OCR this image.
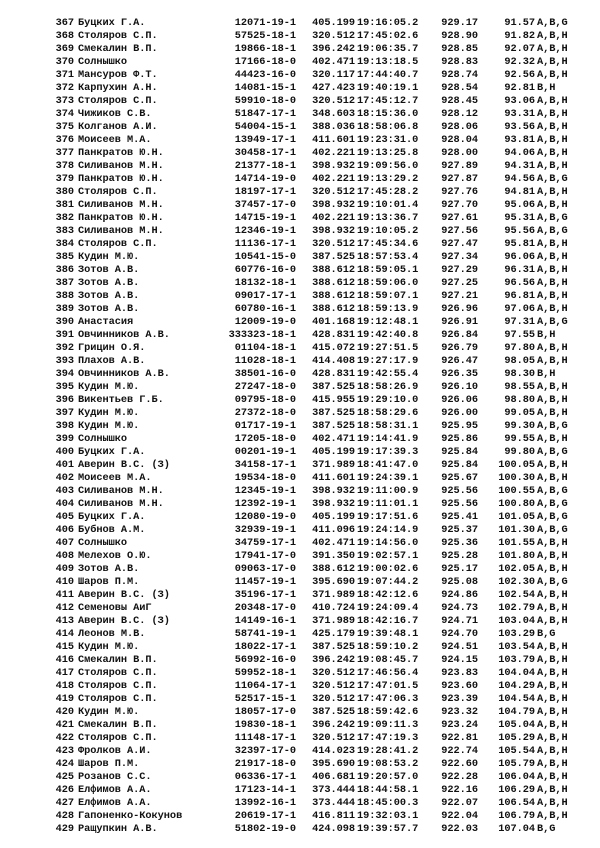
367 Буцких Г.А.	12071-19-1	405.199 19:16:05.2	929.17	91.57 A,B,G
368 Столяров С.П.	57525-18-1	320.512 17:45:02.6	928.90	91.82 A,B,H
369 Смекалин В.П.	19866-18-1	396.242 19:06:35.7	928.85	92.07 A,B,H
370 Солнышко	17166-18-0	402.471 19:13:18.5	928.83	92.32 A,B,H
371 Мансуров Ф.Т.	44423-16-0	320.117 17:44:40.7	928.74	92.56 A,B,H
372 Карпухин А.Н.	14081-15-1	427.423 19:40:19.1	928.54	92.81 B,H
373 Столяров С.П.	59910-18-0	320.512 17:45:12.7	928.45	93.06 A,B,H
374 Чижиков С.В.	51847-17-1	348.603 18:15:36.0	928.12	93.31 A,B,H
375 Колганов А.И.	54004-15-1	388.036 18:58:06.8	928.06	93.56 A,B,H
376 Моисеев М.А.	13949-17-1	411.601 19:23:31.0	928.04	93.81 A,B,H
377 Панкратов Ю.Н.	30458-17-1	402.221 19:13:25.8	928.00	94.06 A,B,H
378 Силиванов М.Н.	21377-18-1	398.932 19:09:56.0	927.89	94.31 A,B,H
379 Панкратов Ю.Н.	14714-19-0	402.221 19:13:29.2	927.87	94.56 A,B,G
380 Столяров С.П.	18197-17-1	320.512 17:45:28.2	927.76	94.81 A,B,H
381 Силиванов М.Н.	37457-17-0	398.932 19:10:01.4	927.70	95.06 A,B,H
382 Панкратов Ю.Н.	14715-19-1	402.221 19:13:36.7	927.61	95.31 A,B,G
383 Силиванов М.Н.	12346-19-1	398.932 19:10:05.2	927.56	95.56 A,B,G
384 Столяров С.П.	11136-17-1	320.512 17:45:34.6	927.47	95.81 A,B,H
385 Кудин М.Ю.	10541-15-0	387.525 18:57:53.4	927.34	96.06 A,B,H
386 Зотов А.В.	60776-16-0	388.612 18:59:05.1	927.29	96.31 A,B,H
387 Зотов А.В.	18132-18-1	388.612 18:59:06.0	927.25	96.56 A,B,H
388 Зотов А.В.	09017-17-1	388.612 18:59:07.1	927.21	96.81 A,B,H
389 Зотов А.В.	60780-16-1	388.612 18:59:13.9	926.96	97.06 A,B,H
390 Анастасия	12009-19-0	401.168 19:12:48.1	926.91	97.31 A,B,G
391 Овчинников А.В.	333323-18-1	428.831 19:42:40.8	926.84	97.55 B,H
392 Грицин О.Я.	01104-18-1	415.072 19:27:51.5	926.79	97.80 A,B,H
393 Плахов А.В.	11028-18-1	414.408 19:27:17.9	926.47	98.05 A,B,H
394 Овчинников А.В.	38501-16-0	428.831 19:42:55.4	926.35	98.30 B,H
395 Кудин М.Ю.	27247-18-0	387.525 18:58:26.9	926.10	98.55 A,B,H
396 Викентьев Г.Б.	09795-18-0	415.955 19:29:10.0	926.06	98.80 A,B,H
397 Кудин М.Ю.	27372-18-0	387.525 18:58:29.6	926.00	99.05 A,B,H
398 Кудин М.Ю.	01717-19-1	387.525 18:58:31.1	925.95	99.30 A,B,G
399 Солнышко	17205-18-0	402.471 19:14:41.9	925.86	99.55 A,B,H
400 Буцких Г.А.	00201-19-1	405.199 19:17:39.3	925.84	99.80 A,B,G
401 Аверин В.С. (З)	34158-17-1	371.989 18:41:47.0	925.84	100.05 A,B,H
402 Моисеев М.А.	19534-18-0	411.601 19:24:39.1	925.67	100.30 A,B,H
403 Силиванов М.Н.	12345-19-1	398.932 19:11:00.9	925.56	100.55 A,B,G
404 Силиванов М.Н.	12392-19-1	398.932 19:11:01.1	925.56	100.80 A,B,G
405 Буцких Г.А.	12080-19-0	405.199 19:17:51.6	925.41	101.05 A,B,G
406 Бубнов А.М.	32939-19-1	411.096 19:24:14.9	925.37	101.30 A,B,G
407 Солнышко	34759-17-1	402.471 19:14:56.0	925.36	101.55 A,B,H
408 Мелехов О.Ю.	17941-17-0	391.350 19:02:57.1	925.28	101.80 A,B,H
409 Зотов А.В.	09063-17-0	388.612 19:00:02.6	925.17	102.05 A,B,H
410 Шаров П.М.	11457-19-1	395.690 19:07:44.2	925.08	102.30 A,B,G
411 Аверин В.С. (З)	35196-17-1	371.989 18:42:12.6	924.86	102.54 A,B,H
412 Семеновы АиГ	20348-17-0	410.724 19:24:09.4	924.73	102.79 A,B,H
413 Аверин В.С. (З)	14149-16-1	371.989 18:42:16.7	924.71	103.04 A,B,H
414 Леонов М.В.	58741-19-1	425.179 19:39:48.1	924.70	103.29 B,G
415 Кудин М.Ю.	18022-17-1	387.525 18:59:10.2	924.51	103.54 A,B,H
416 Смекалин В.П.	56992-16-0	396.242 19:08:45.7	924.15	103.79 A,B,H
417 Столяров С.П.	59952-18-1	320.512 17:46:56.4	923.83	104.04 A,B,H
418 Столяров С.П.	11064-17-1	320.512 17:47:01.5	923.60	104.29 A,B,H
419 Столяров С.П.	52517-15-1	320.512 17:47:06.3	923.39	104.54 A,B,H
420 Кудин М.Ю.	18057-17-0	387.525 18:59:42.6	923.32	104.79 A,B,H
421 Смекалин В.П.	19830-18-1	396.242 19:09:11.3	923.24	105.04 A,B,H
422 Столяров С.П.	11148-17-1	320.512 17:47:19.3	922.81	105.29 A,B,H
423 Фролков А.И.	32397-17-0	414.023 19:28:41.2	922.74	105.54 A,B,H
424 Шаров П.М.	21917-18-0	395.690 19:08:53.2	922.60	105.79 A,B,H
425 Розанов С.С.	06336-17-1	406.681 19:20:57.0	922.28	106.04 A,B,H
426 Елфимов А.А.	17123-14-1	373.444 18:44:58.1	922.16	106.29 A,B,H
427 Елфимов А.А.	13992-16-1	373.444 18:45:00.3	922.07	106.54 A,B,H
428 Гапоненко-Кокунов	20619-17-1	416.811 19:32:03.1	922.04	106.79 A,B,H
429 Ращупкин А.В.	51802-19-0	424.098 19:39:57.7	922.03	107.04 B,G
